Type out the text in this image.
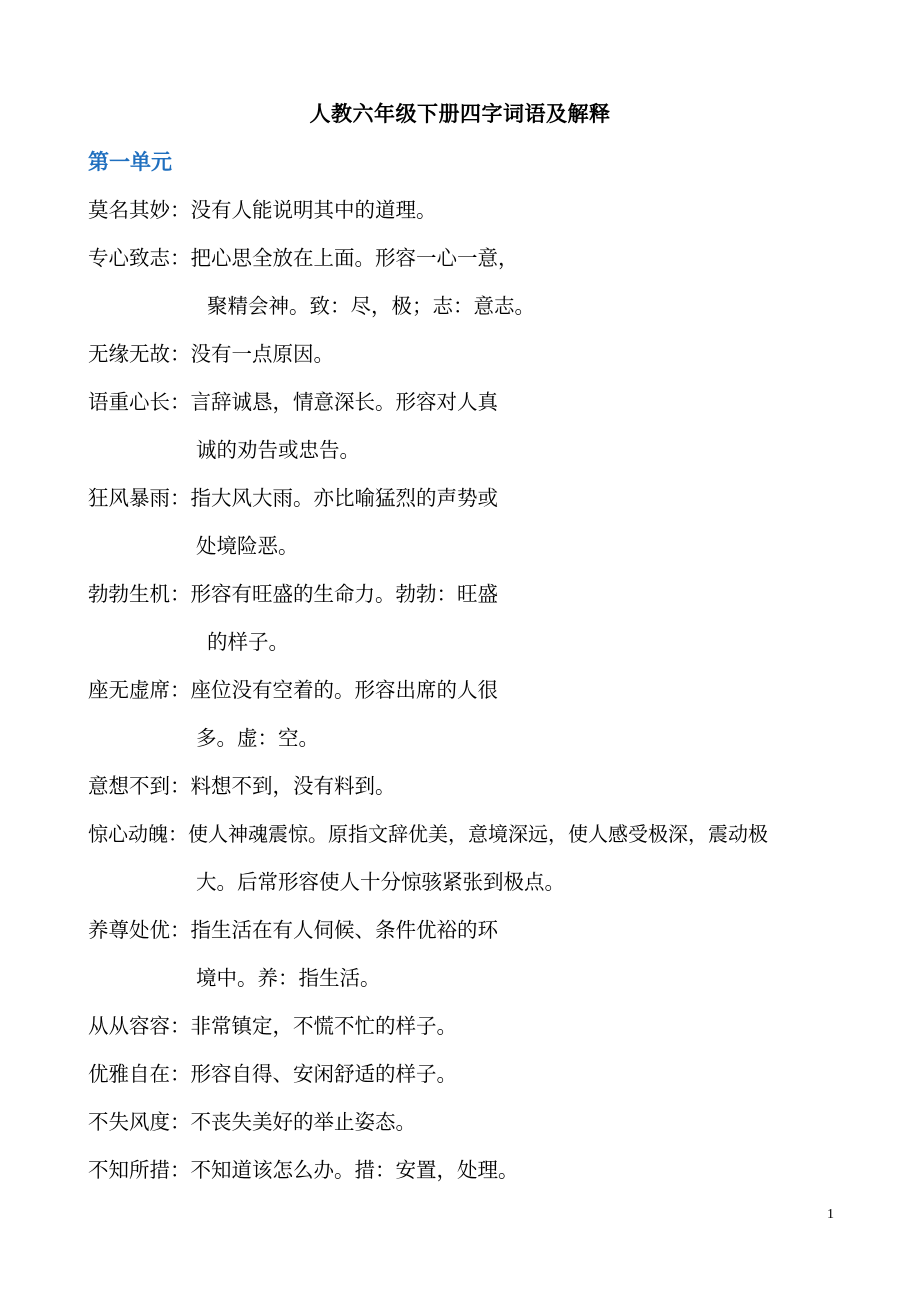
人教六年级下册四字词语及解释
第一单元
莫名其妙：没有人能说明其中的道理。
专心致志：把心思全放在上面。形容一心一意，
聚精会神。致：尽，极；志：意志。
无缘无故：没有一点原因。
语重心长：言辞诚恳，情意深长。形容对人真
诚的劝告或忠告。
狂风暴雨：指大风大雨。亦比喻猛烈的声势或
处境险恶。
勃勃生机：形容有旺盛的生命力。勃勃：旺盛
的样子。
座无虚席：座位没有空着的。形容出席的人很
多。虚：空。
意想不到：料想不到，没有料到。
惊心动魄：使人神魂震惊。原指文辞优美，意境深远，使人感受极深，震动极
大。后常形容使人十分惊骇紧张到极点。
养尊处优：指生活在有人伺候、条件优裕的环
境中。养：指生活。
从从容容：非常镇定，不慌不忙的样子。
优雅自在：形容自得、安闲舒适的样子。
不失风度：不丧失美好的举止姿态。
不知所措：不知道该怎么办。措：安置，处理。
1
